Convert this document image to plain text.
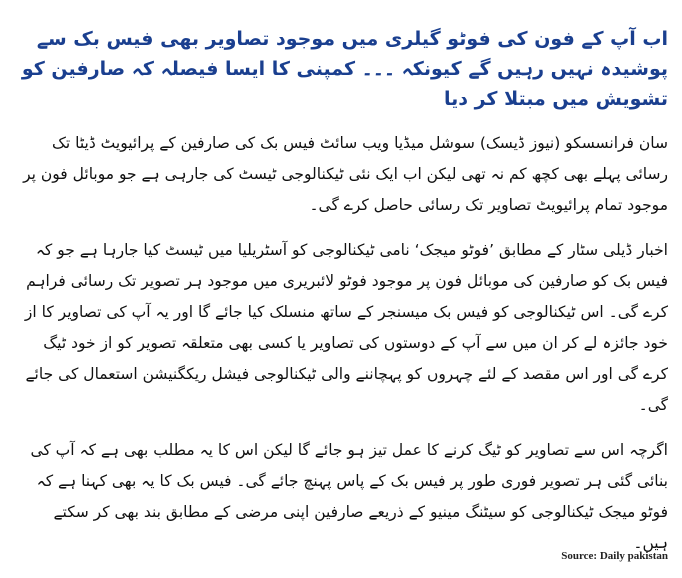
اب آپ کے فون کی فوٹو گیلری میں موجود تصاویر بھی فیس بک سے پوشیدہ نہیں رہیں گے کیونکہ ۔۔۔ کمپنی کا ایسا فیصلہ کہ صارفین کو تشویش میں مبتلا کر دیا

سان فرانسسکو (نیوز ڈیسک) سوشل میڈیا ویب سائٹ فیس بک کی صارفین کے پرائیویٹ ڈیٹا تک رسائی پہلے بھی کچھ کم نہ تھی لیکن اب ایک نئی ٹیکنالوجی ٹیسٹ کی جارہی ہے جو موبائل فون پر موجود تمام پرائیویٹ تصاویر تک رسائی حاصل کرے گی۔

اخبار ڈیلی سٹار کے مطابق ’فوٹو میجک‘ نامی ٹیکنالوجی کو آسٹریلیا میں ٹیسٹ کیا جارہا ہے جو کہ فیس بک کو صارفین کی موبائل فون پر موجود فوٹو لائبریری میں موجود ہر تصویر تک رسائی فراہم کرے گی۔ اس ٹیکنالوجی کو فیس بک میسنجر کے ساتھ منسلک کیا جائے گا اور یہ آپ کی تصاویر کا از خود جائزہ لے کر ان میں سے آپ کے دوستوں کی تصاویر یا کسی بھی متعلقہ تصویر کو از خود ٹیگ کرے گی اور اس مقصد کے لئے چہروں کو پہچاننے والی ٹیکنالوجی فیشل ریکگنیشن استعمال کی جائے گی۔

اگرچہ اس سے تصاویر کو ٹیگ کرنے کا عمل تیز ہو جائے گا لیکن اس کا یہ مطلب بھی ہے کہ آپ کی بنائی گئی ہر تصویر فوری طور پر فیس بک کے پاس پہنچ جائے گی۔ فیس بک کا یہ بھی کہنا ہے کہ فوٹو میجک ٹیکنالوجی کو سیٹنگ مینیو کے ذریعے صارفین اپنی مرضی کے مطابق بند بھی کر سکتے ہیں۔

Source: Daily pakistan
